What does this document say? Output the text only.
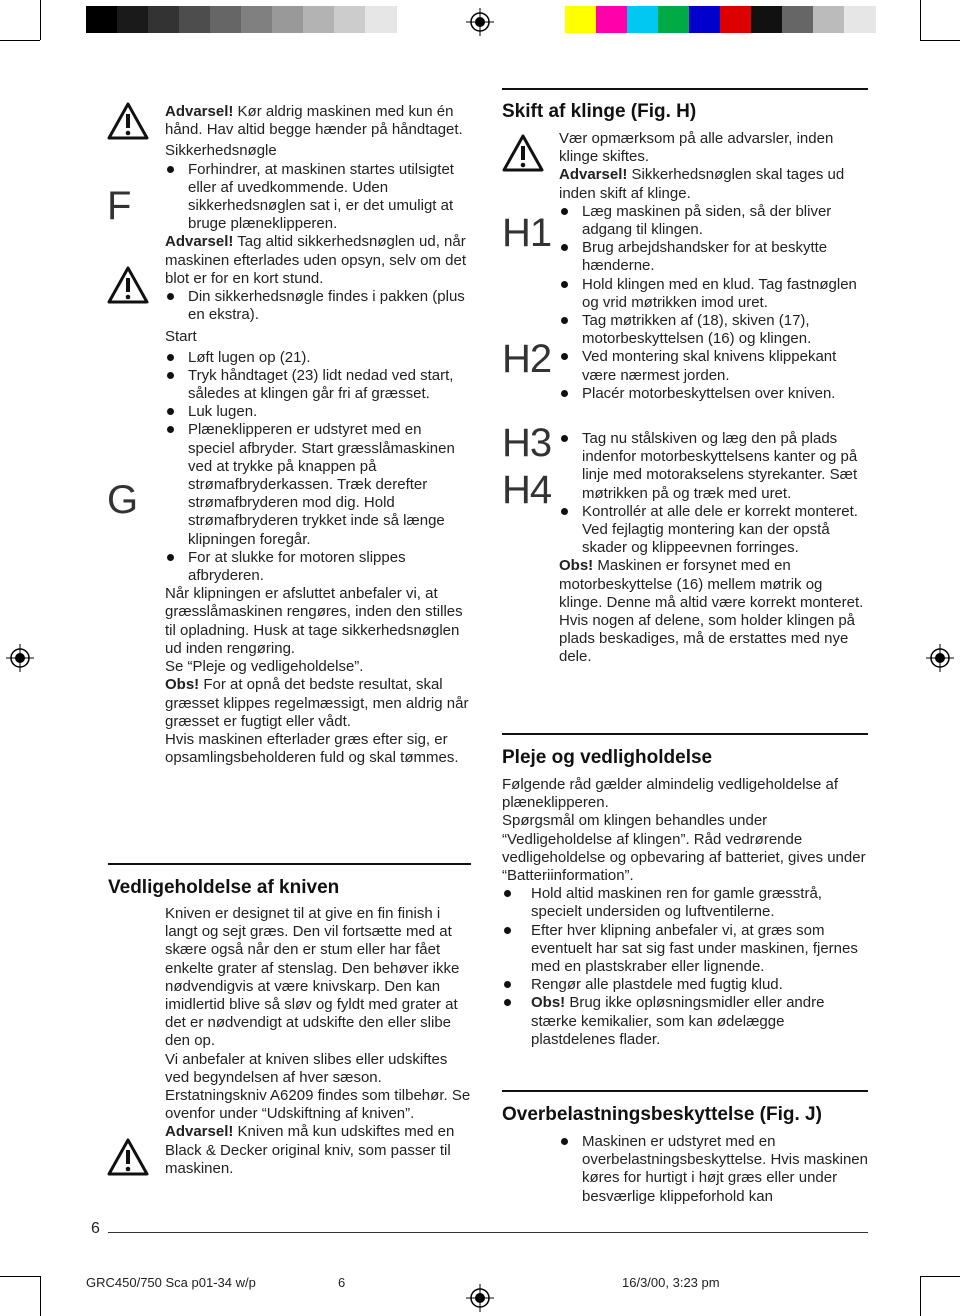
F
G

Advarsel! Kør aldrig maskinen med kun én hånd. Hav altid begge hænder på håndtaget.

Sikkerhedsnøgle

Forhindrer, at maskinen startes utilsigtet eller af uvedkommende. Uden sikkerhedsnøglen sat i, er det umuligt at bruge plæneklipperen.

Advarsel! Tag altid sikkerhedsnøglen ud, når maskinen efterlades uden opsyn, selv om det blot er for en kort stund.

Din sikkerhedsnøgle findes i pakken (plus en ekstra).

Start

Løft lugen op (21).

Tryk håndtaget (23) lidt nedad ved start, således at klingen går fri af græsset.

Luk lugen.

Plæneklipperen er udstyret med en speciel afbryder. Start græsslåmaskinen ved at trykke på knappen på strømafbryderkassen. Træk derefter strømafbryderen mod dig. Hold strømafbryderen trykket inde så længe klipningen foregår.

For at slukke for motoren slippes afbryderen.

Når klipningen er afsluttet anbefaler vi, at græsslåmaskinen rengøres, inden den stilles til opladning. Husk at tage sikkerhedsnøglen ud inden rengøring.

Se “Pleje og vedligeholdelse”.

Obs! For at opnå det bedste resultat, skal græsset klippes regelmæssigt, men aldrig når græsset er fugtigt eller vådt.

Hvis maskinen efterlader græs efter sig, er opsamlingsbeholderen fuld og skal tømmes.

Vedligeholdelse af kniven

Kniven er designet til at give en fin finish i langt og sejt græs. Den vil fortsætte med at skære også når den er stum eller har fået enkelte grater af stenslag. Den behøver ikke nødvendigvis at være knivskarp. Den kan imidlertid blive så sløv og fyldt med grater at det er nødvendigt at udskifte den eller slibe den op.

Vi anbefaler at kniven slibes eller udskiftes ved begyndelsen af hver sæson. Erstatningskniv A6209 findes som tilbehør. Se ovenfor under “Udskiftning af kniven”.

Advarsel! Kniven må kun udskiftes med en Black & Decker original kniv, som passer til maskinen.

Skift af klinge (Fig. H)
H1
H2
H3
H4

Vær opmærksom på alle advarsler, inden klinge skiftes.

Advarsel! Sikkerhedsnøglen skal tages ud inden skift af klinge.

Læg maskinen på siden, så der bliver adgang til klingen.

Brug arbejdshandsker for at beskytte hænderne.

Hold klingen med en klud. Tag fastnøglen og vrid møtrikken imod uret.

Tag møtrikken af (18), skiven (17), motorbeskyttelsen (16) og klingen.

Ved montering skal knivens klippekant være nærmest jorden.

Placér motorbeskyttelsen over kniven.

Tag nu stålskiven og læg den på plads indenfor motorbeskyttelsens kanter og på linje med motorakselens styrekanter. Sæt møtrikken på og træk med uret.

Kontrollér at alle dele er korrekt monteret. Ved fejlagtig montering kan der opstå skader og klippeevnen forringes.

Obs! Maskinen er forsynet med en motorbeskyttelse (16) mellem møtrik og klinge. Denne må altid være korrekt monteret. Hvis nogen af delene, som holder klingen på plads beskadiges, må de erstattes med nye dele.

Pleje og vedligholdelse

Følgende råd gælder almindelig vedligeholdelse af plæneklipperen.

Spørgsmål om klingen behandles under “Vedligeholdelse af klingen”. Råd vedrørende vedligeholdelse og opbevaring af batteriet, gives under “Batteriinformation”.

Hold altid maskinen ren for gamle græsstrå, specielt undersiden og luftventilerne.

Efter hver klipning anbefaler vi, at græs som eventuelt har sat sig fast under maskinen, fjernes med en plastskraber eller lignende.

Rengør alle plastdele med fugtig klud.

Obs! Brug ikke opløsningsmidler eller andre stærke kemikalier, som kan ødelægge plastdelenes flader.

Overbelastningsbeskyttelse (Fig. J)

Maskinen er udstyret med en overbelastningsbeskyttelse. Hvis maskinen køres for hurtigt i højt græs eller under besværlige klippeforhold kan

6
GRC450/750 Sca p01-34 w/p	6	16/3/00, 3:23 pm
